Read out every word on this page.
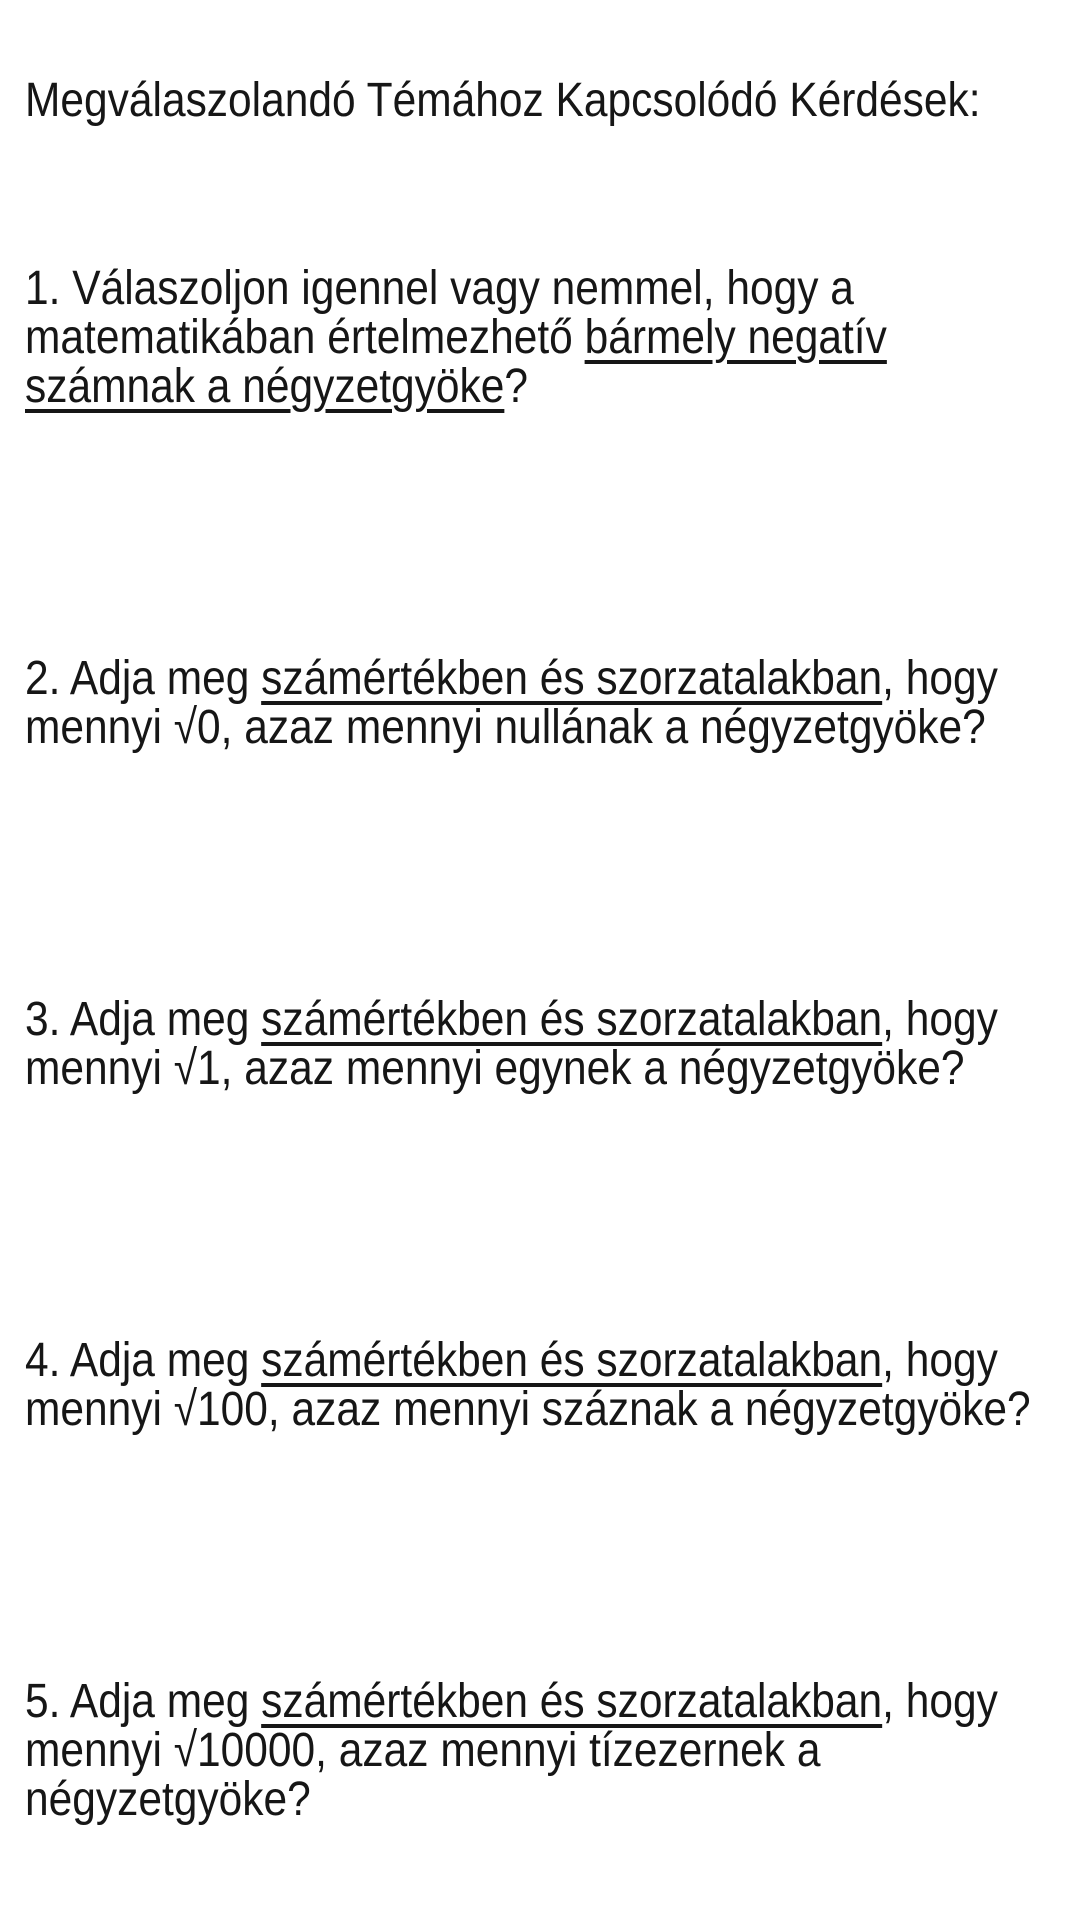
Megválaszolandó Témához Kapcsolódó Kérdések:

1. Válaszoljon igennel vagy nemmel, hogy a
matematikában értelmezhető bármely negatív
számnak a négyzetgyöke?

2. Adja meg számértékben és szorzatalakban, hogy
mennyi √0, azaz mennyi nullának a négyzetgyöke?

3. Adja meg számértékben és szorzatalakban, hogy
mennyi √1, azaz mennyi egynek a négyzetgyöke?

4. Adja meg számértékben és szorzatalakban, hogy
mennyi √100, azaz mennyi száznak a négyzetgyöke?

5. Adja meg számértékben és szorzatalakban, hogy
mennyi √10000, azaz mennyi tízezernek a
négyzetgyöke?
